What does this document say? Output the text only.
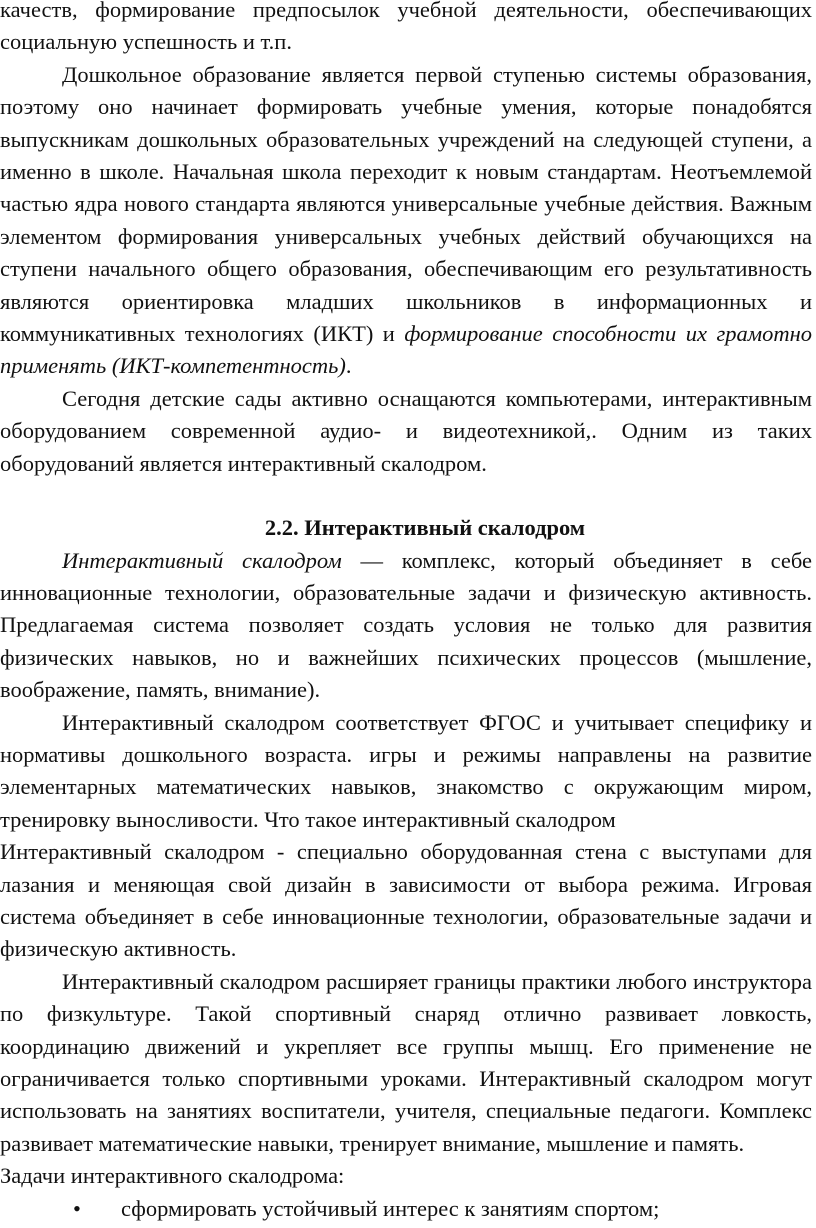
качеств, формирование предпосылок учебной деятельности, обеспечивающих социальную успешность и т.п.

Дошкольное образование является первой ступенью системы образования, поэтому оно начинает формировать учебные умения, которые понадобятся выпускникам дошкольных образовательных учреждений на следующей ступени, а именно в школе. Начальная школа переходит к новым стандартам. Неотъемлемой частью ядра нового стандарта являются универсальные учебные действия. Важным элементом формирования универсальных учебных действий обучающихся на ступени начального общего образования, обеспечивающим его результативность являются ориентировка младших школьников в информационных и коммуникативных технологиях (ИКТ) и формирование способности их грамотно применять (ИКТ-компетентность).

Сегодня детские сады активно оснащаются компьютерами, интерактивным оборудованием современной аудио- и видеотехникой,. Одним из таких оборудований является интерактивный скалодром.

2.2. Интерактивный скалодром

Интерактивный скалодром — комплекс, который объединяет в себе инновационные технологии, образовательные задачи и физическую активность. Предлагаемая система позволяет создать условия не только для развития физических навыков, но и важнейших психических процессов (мышление, воображение, память, внимание).

Интерактивный скалодром соответствует ФГОС и учитывает специфику и нормативы дошкольного возраста. игры и режимы направлены на развитие элементарных математических навыков, знакомство с окружающим миром, тренировку выносливости. Что такое интерактивный скалодром

Интерактивный скалодром - специально оборудованная стена с выступами для лазания и меняющая свой дизайн в зависимости от выбора режима. Игровая система объединяет в себе инновационные технологии, образовательные задачи и физическую активность.

Интерактивный скалодром расширяет границы практики любого инструктора по физкультуре. Такой спортивный снаряд отлично развивает ловкость, координацию движений и укрепляет все группы мышц. Его применение не ограничивается только спортивными уроками. Интерактивный скалодром могут использовать на занятиях воспитатели, учителя, специальные педагоги. Комплекс развивает математические навыки, тренирует внимание, мышление и память.

Задачи интерактивного скалодрома:

• сформировать устойчивый интерес к занятиям спортом;
